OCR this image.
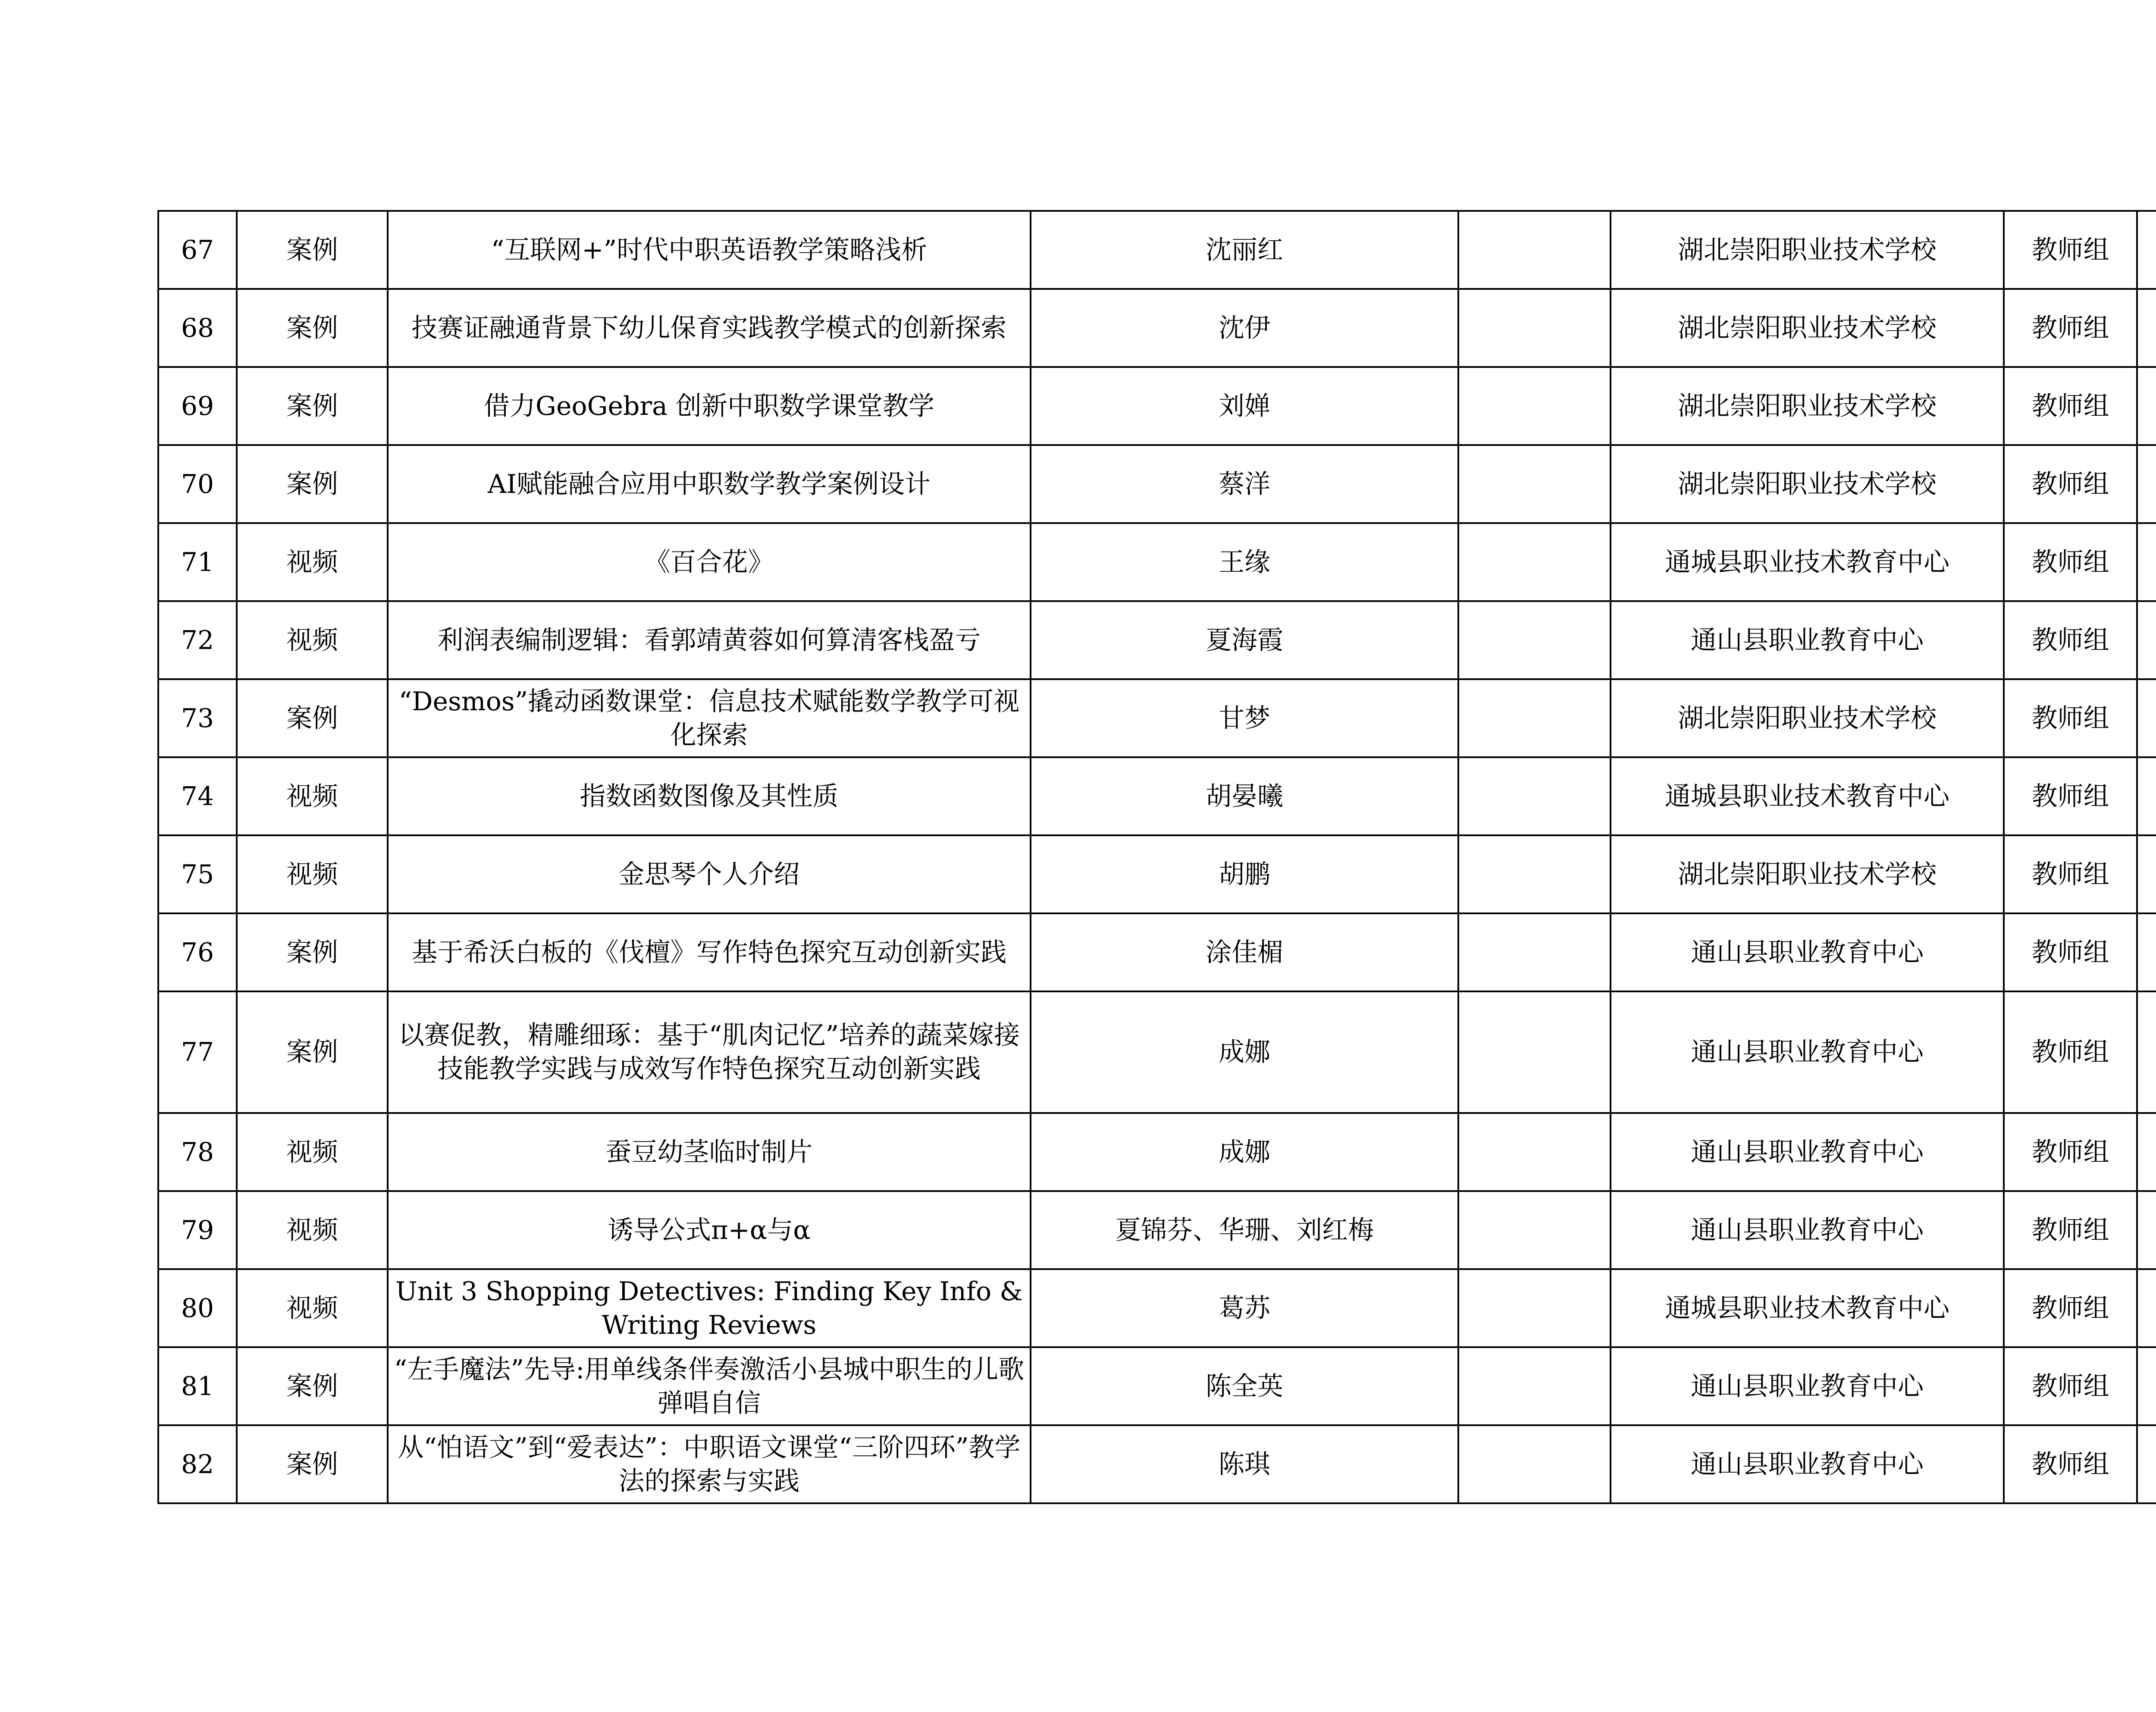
67	案例	“互联网+”时代中职英语教学策略浅析	沈丽红		湖北崇阳职业技术学校	教师组	
68	案例	技赛证融通背景下幼儿保育实践教学模式的创新探索	沈伊		湖北崇阳职业技术学校	教师组	
69	案例	借力GeoGebra 创新中职数学课堂教学	刘婵		湖北崇阳职业技术学校	教师组	
70	案例	AI赋能融合应用中职数学教学案例设计	蔡洋		湖北崇阳职业技术学校	教师组	
71	视频	《百合花》	王缘		通城县职业技术教育中心	教师组	
72	视频	利润表编制逻辑：看郭靖黄蓉如何算清客栈盈亏	夏海霞		通山县职业教育中心	教师组	
73	案例	“Desmos”撬动函数课堂：信息技术赋能数学教学可视化探索	甘梦		湖北崇阳职业技术学校	教师组	
74	视频	指数函数图像及其性质	胡晏曦		通城县职业技术教育中心	教师组	
75	视频	金思琴个人介绍	胡鹏		湖北崇阳职业技术学校	教师组	
76	案例	基于希沃白板的《伐檀》写作特色探究互动创新实践	涂佳楣		通山县职业教育中心	教师组	
77	案例	以赛促教，精雕细琢：基于“肌肉记忆”培养的蔬菜嫁接技能教学实践与成效写作特色探究互动创新实践	成娜		通山县职业教育中心	教师组	
78	视频	蚕豆幼茎临时制片	成娜		通山县职业教育中心	教师组	
79	视频	诱导公式π+α与α	夏锦芬、华珊、刘红梅		通山县职业教育中心	教师组	
80	视频	Unit 3 Shopping Detectives: Finding Key Info & Writing Reviews	葛苏		通城县职业技术教育中心	教师组	
81	案例	“左手魔法”先导:用单线条伴奏激活小县城中职生的儿歌弹唱自信	陈全英		通山县职业教育中心	教师组	
82	案例	从“怕语文”到“爱表达”：中职语文课堂“三阶四环”教学法的探索与实践	陈琪		通山县职业教育中心	教师组	
